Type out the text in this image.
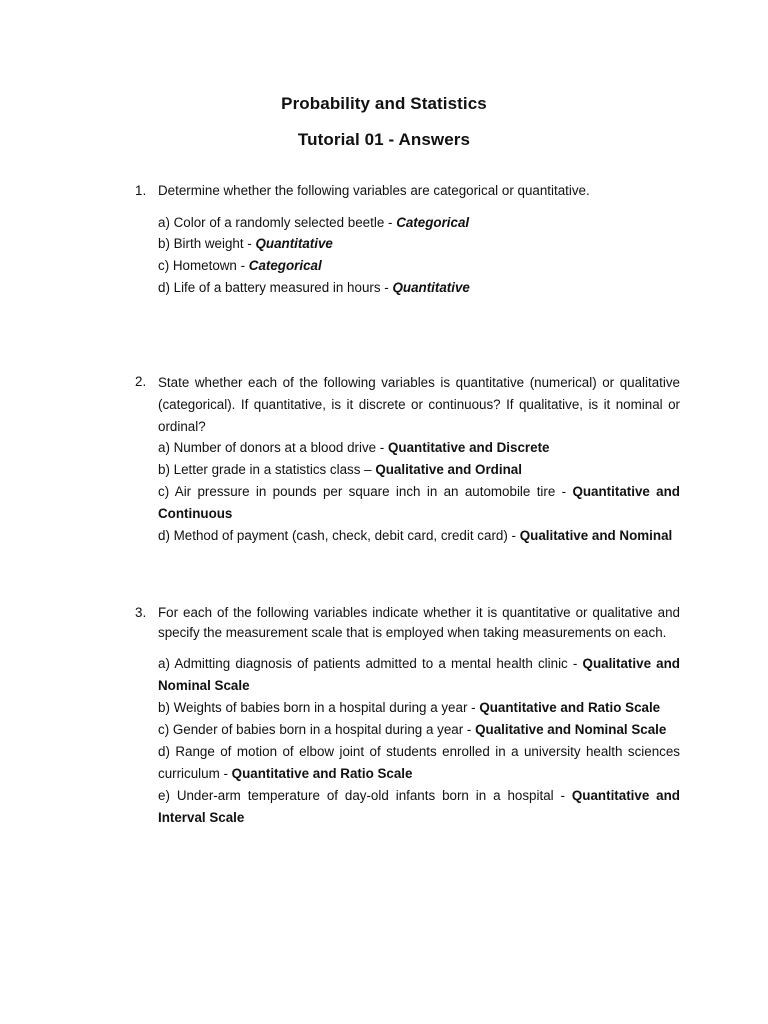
Probability and Statistics
Tutorial 01 - Answers
1. Determine whether the following variables are categorical or quantitative.
a) Color of a randomly selected beetle - Categorical
b) Birth weight - Quantitative
c) Hometown - Categorical
d) Life of a battery measured in hours - Quantitative
2. State whether each of the following variables is quantitative (numerical) or qualitative (categorical). If quantitative, is it discrete or continuous? If qualitative, is it nominal or ordinal?
a) Number of donors at a blood drive - Quantitative and Discrete
b) Letter grade in a statistics class – Qualitative and Ordinal
c) Air pressure in pounds per square inch in an automobile tire - Quantitative and Continuous
d) Method of payment (cash, check, debit card, credit card) - Qualitative and Nominal
3. For each of the following variables indicate whether it is quantitative or qualitative and specify the measurement scale that is employed when taking measurements on each.
a) Admitting diagnosis of patients admitted to a mental health clinic - Qualitative and Nominal Scale
b) Weights of babies born in a hospital during a year - Quantitative and Ratio Scale
c) Gender of babies born in a hospital during a year - Qualitative and Nominal Scale
d) Range of motion of elbow joint of students enrolled in a university health sciences curriculum - Quantitative and Ratio Scale
e) Under-arm temperature of day-old infants born in a hospital - Quantitative and Interval Scale
